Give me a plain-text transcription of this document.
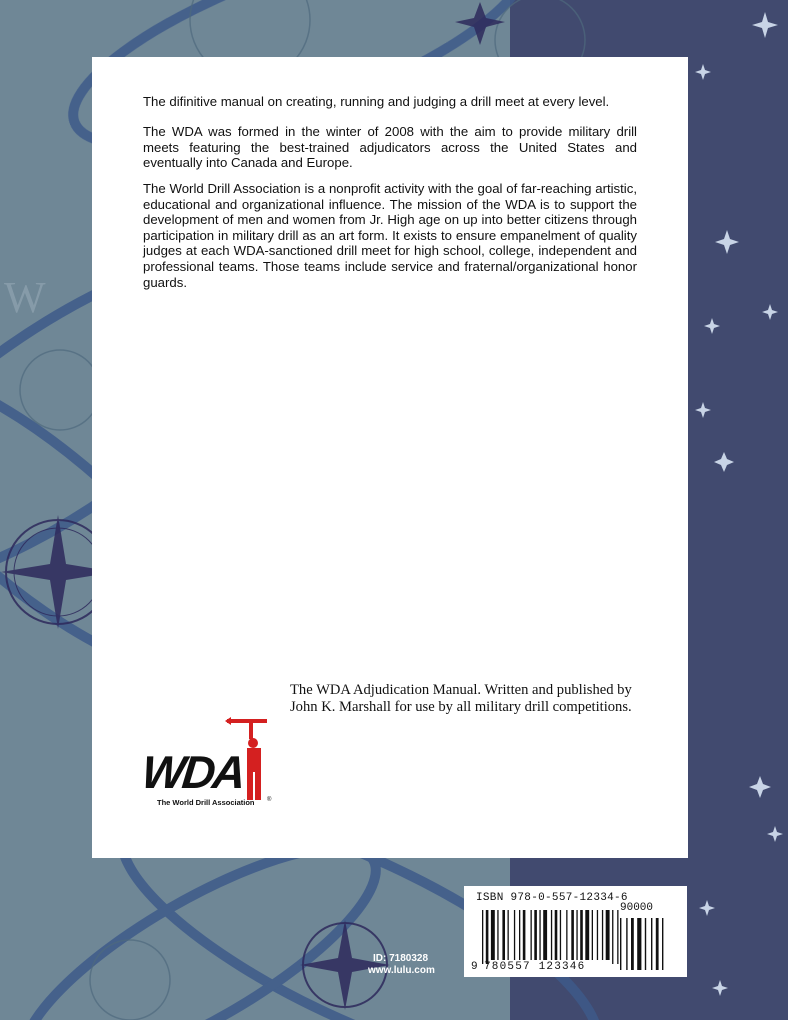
W

The difinitive manual on creating, running and judging a drill meet at every level.

The WDA was formed in the winter of 2008 with the aim to provide military drill meets featuring the best-trained adjudicators across the United States and eventually into Canada and Europe.

The World Drill Association is a nonprofit activity with the goal of far-reaching artistic, educational and organizational influence. The mission of the WDA is to support the development of men and women from Jr. High age on up into better citizens through participation in military drill as an art form. It exists to ensure empanelment of quality judges at each WDA-sanctioned drill meet for high school, college, independent and professional teams. Those teams include service and fraternal/organizational honor guards.

The WDA Adjudication Manual. Written and published by John K. Marshall for use by all military drill competitions.

WDA
The World Drill Association ®
ISBN 978-0-557-12334-6
90000
9 780557 123346
ID: 7180328
www.lulu.com
